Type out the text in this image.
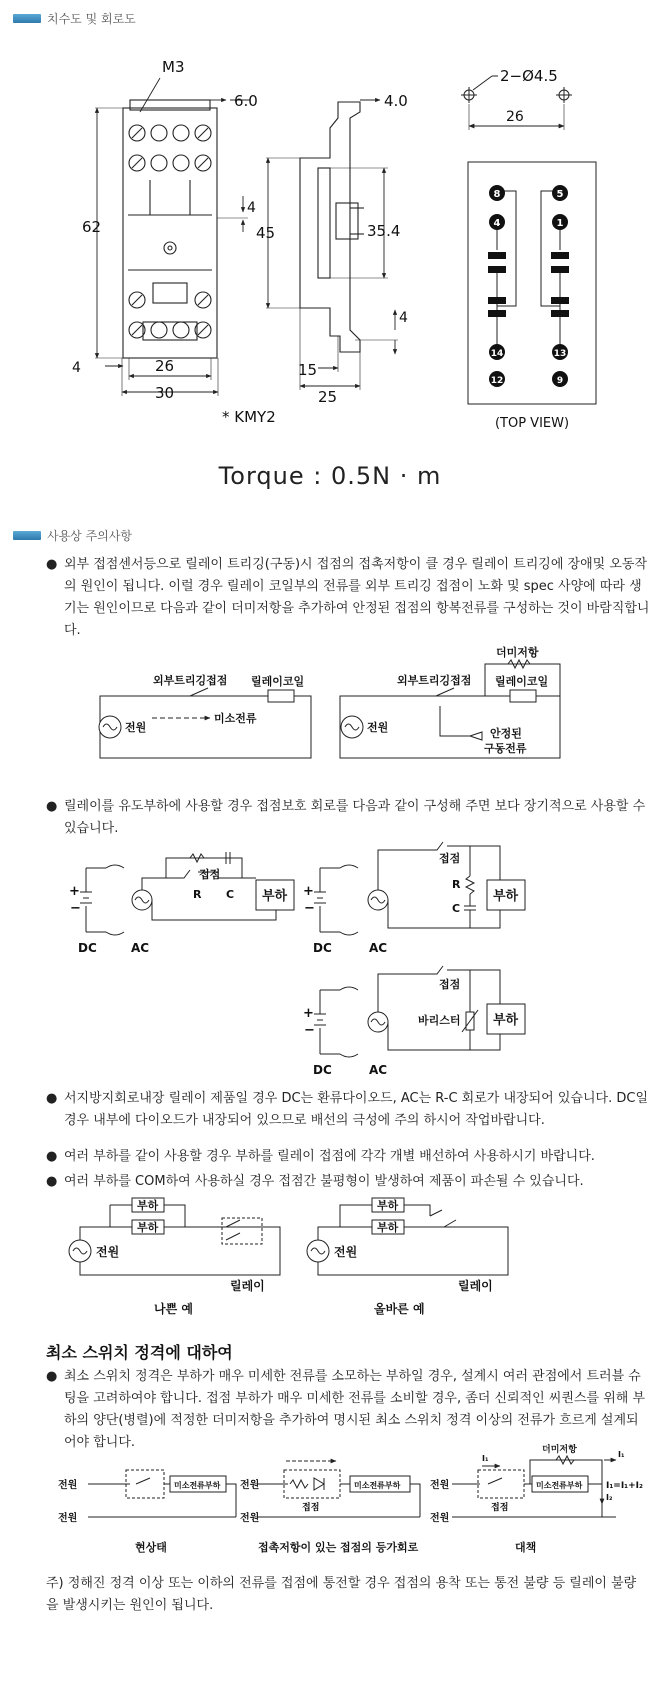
치수도 및 회로도
사용상 주의사항
M3
6.0
4
62
4	26
30
4.0
45	35.4
4
15
25
* KMY2
2−Ø4.5
26
8	5
4	1
14	13
12	9
(TOP VIEW)
외부트리깅접점 릴레이코일
전원
미소전류
더미저항
외부트리깅접점 릴레이코일
전원	안정된
구동전류
접점
R C 부하
+
−
DC	AC
접점
R
C
부하
+
−
DC	AC
접점
바리스터 부하
+
−
DC	AC
부하
부하
전원
릴레이
나쁜 예
부하
부하
전원
릴레이
올바른 예
전원
전원
미소전류부하
현상태
전원
전원
미소전류부하
접점
접촉저항이 있는 접점의 등가회로
전원
전원
미소전류부하
더미저항
접점
I₁	I₁
I₂
I₁=I₁+I₂
대책
Torque : 0.5N · m
● 외부 접점센서등으로 릴레이 트리깅(구동)시 접점의 접촉저항이 클 경우 릴레이 트리깅에 장애및 오동작의 원인이 됩니다. 이럴 경우 릴레이 코일부의 전류를 외부 트리깅 접점이 노화 및 spec 사양에 따라 생기는 원인이므로 다음과 같이 더미저항을 추가하여 안정된 접점의 항복전류를 구성하는 것이 바람직합니다.
● 릴레이를 유도부하에 사용할 경우 접점보호 회로를 다음과 같이 구성해 주면 보다 장기적으로 사용할 수 있습니다.
● 서지방지회로내장 릴레이 제품일 경우 DC는 환류다이오드, AC는 R-C 회로가 내장되어 있습니다. DC일 경우 내부에 다이오드가 내장되어 있으므로 배선의 극성에 주의 하시어 작업바랍니다.
● 여러 부하를 같이 사용할 경우 부하를 릴레이 접점에 각각 개별 배선하여 사용하시기 바랍니다.
● 여러 부하를 COM하여 사용하실 경우 접점간 불평형이 발생하여 제품이 파손될 수 있습니다.
최소 스위치 정격에 대하여
● 최소 스위치 정격은 부하가 매우 미세한 전류를 소모하는 부하일 경우, 설계시 여러 관점에서 트러블 슈팅을 고려하여야 합니다. 접점 부하가 매우 미세한 전류를 소비할 경우, 좀더 신뢰적인 씨퀀스를 위해 부하의 양단(병렬)에 적정한 더미저항을 추가하여 명시된 최소 스위치 정격 이상의 전류가 흐르게 설계되어야 합니다.
주) 정해진 정격 이상 또는 이하의 전류를 접점에 통전할 경우 접점의 용착 또는 통전 불량 등 릴레이 불량을 발생시키는 원인이 됩니다.
